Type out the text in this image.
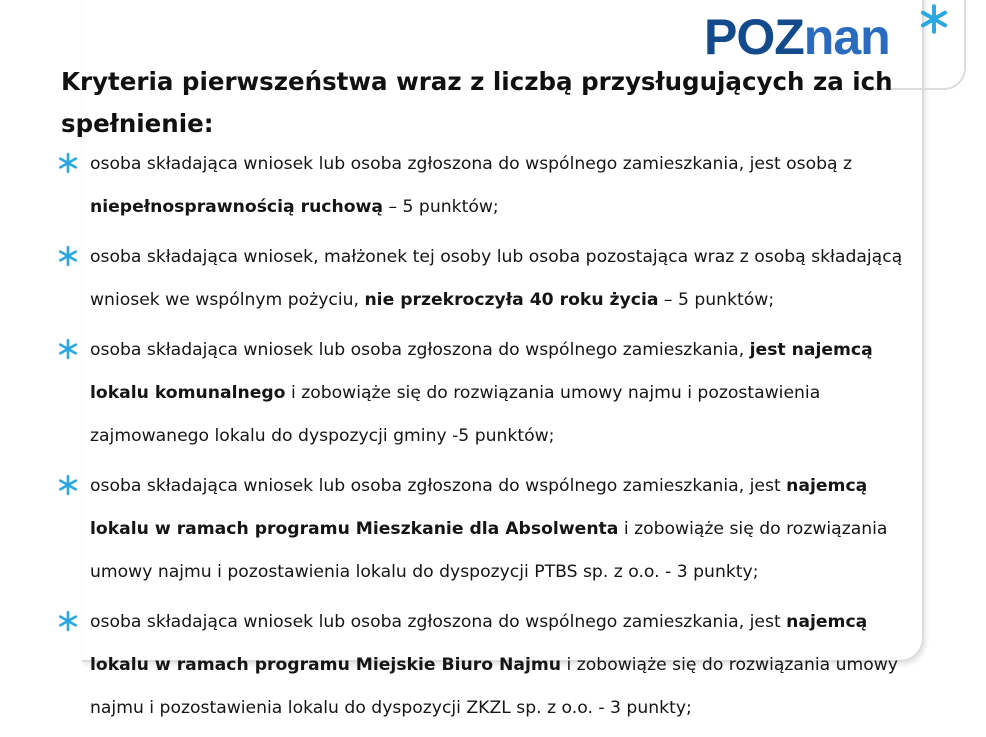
POZnan
Kryteria pierwszeństwa wraz z liczbą przysługujących za ich spełnienie:
osoba składająca wniosek lub osoba zgłoszona do wspólnego zamieszkania, jest osobą z niepełnosprawnością ruchową – 5 punktów;
osoba składająca wniosek, małżonek tej osoby lub osoba pozostająca wraz z osobą składającą wniosek we wspólnym pożyciu, nie przekroczyła 40 roku życia – 5 punktów;
osoba składająca wniosek lub osoba zgłoszona do wspólnego zamieszkania, jest najemcą lokalu komunalnego i zobowiąże się do rozwiązania umowy najmu i pozostawienia zajmowanego lokalu do dyspozycji gminy -5 punktów;
osoba składająca wniosek lub osoba zgłoszona do wspólnego zamieszkania, jest najemcą lokalu w ramach programu Mieszkanie dla Absolwenta i zobowiąże się do rozwiązania umowy najmu i pozostawienia lokalu do dyspozycji PTBS sp. z o.o. - 3 punkty;
osoba składająca wniosek lub osoba zgłoszona do wspólnego zamieszkania, jest najemcą lokalu w ramach programu Miejskie Biuro Najmu i zobowiąże się do rozwiązania umowy najmu i pozostawienia lokalu do dyspozycji ZKZL sp. z o.o. - 3 punkty;
